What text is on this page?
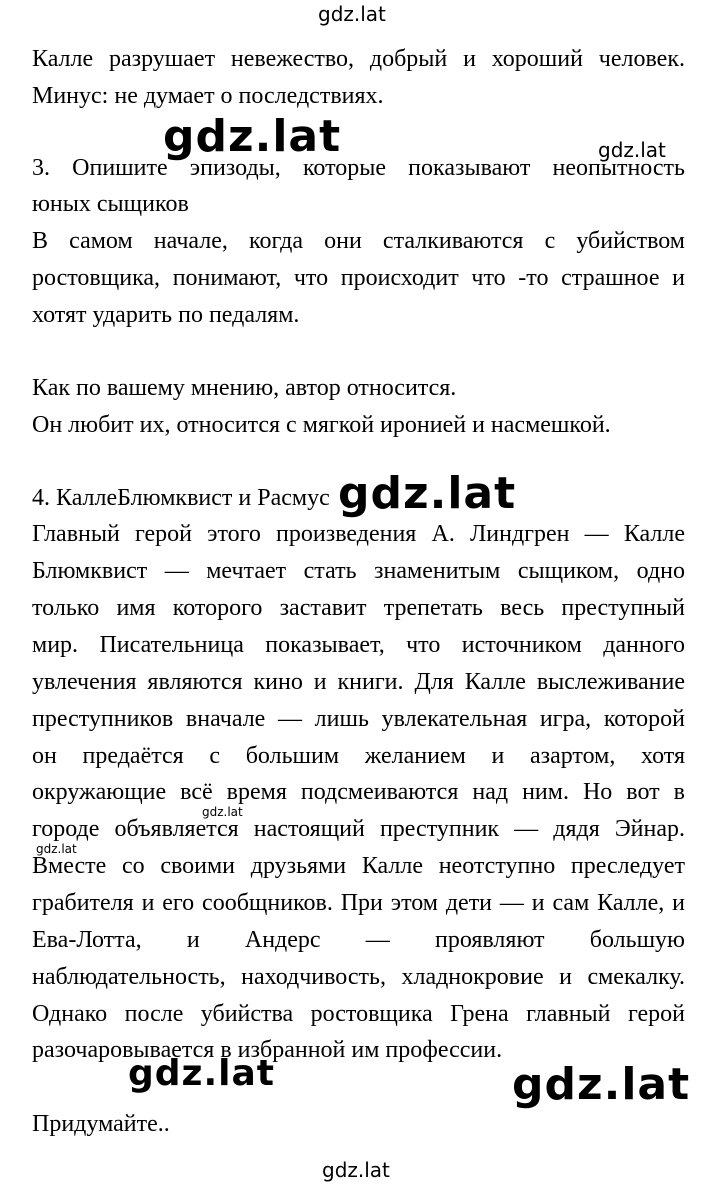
Калле разрушает невежество, добрый и хороший человек.
Минус: не думает о последствиях.
3. Опишите эпизоды, которые показывают неопытность
юных сыщиков
В самом начале, когда они сталкиваются с убийством
ростовщика, понимают, что происходит что -то страшное и
хотят ударить по педалям.
Как по вашему мнению, автор относится.
Он любит их, относится с мягкой иронией и насмешкой.
4. КаллеБлюмквист и Расмус
Главный герой этого произведения А. Линдгрен — Калле
Блюмквист — мечтает стать знаменитым сыщиком, одно
только имя которого заставит трепетать весь преступный
мир. Писательница показывает, что источником данного
увлечения являются кино и книги. Для Калле выслеживание
преступников вначале — лишь увлекательная игра, которой
он предаётся с большим желанием и азартом, хотя
окружающие всё время подсмеиваются над ним. Но вот в
городе объявляется настоящий преступник — дядя Эйнар.
Вместе со своими друзьями Калле неотступно преследует
грабителя и его сообщников. При этом дети — и сам Калле, и
Ева-Лотта, и Андерс — проявляют большую
наблюдательность, находчивость, хладнокровие и смекалку.
Однако после убийства ростовщика Грена главный герой
разочаровывается в избранной им профессии.
Придумайте..
gdz.lat
gdz.lat	gdz.lat
gdz.lat
gdz.lat
gdz.lat
gdz.lat	gdz.lat
gdz.lat
